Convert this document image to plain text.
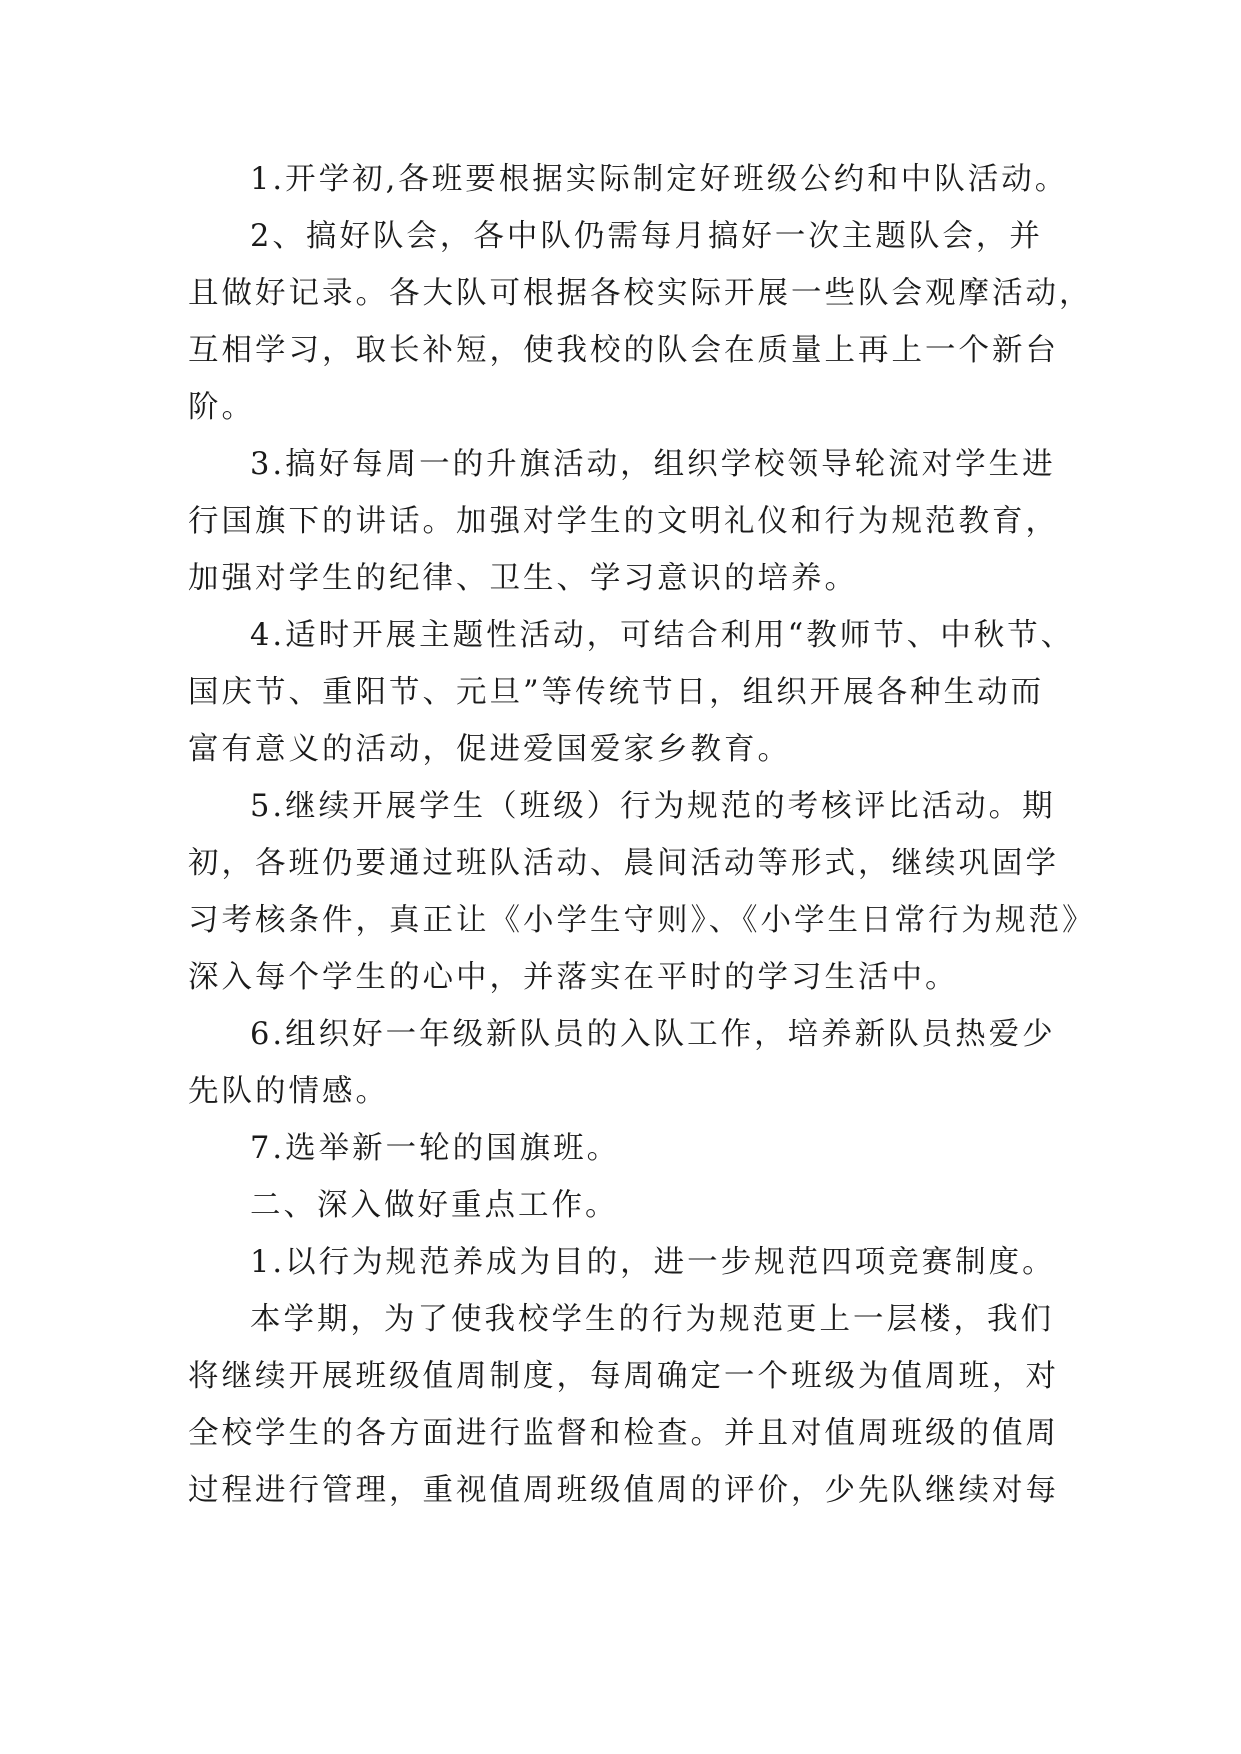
1.开学初,各班要根据实际制定好班级公约和中队活动。
2、搞好队会，各中队仍需每月搞好一次主题队会，并
且做好记录。各大队可根据各校实际开展一些队会观摩活动，
互相学习，取长补短，使我校的队会在质量上再上一个新台
阶。
3.搞好每周一的升旗活动，组织学校领导轮流对学生进
行国旗下的讲话。加强对学生的文明礼仪和行为规范教育，
加强对学生的纪律、卫生、学习意识的培养。
4.适时开展主题性活动，可结合利用“教师节、中秋节、
国庆节、重阳节、元旦”等传统节日，组织开展各种生动而
富有意义的活动，促进爱国爱家乡教育。
5.继续开展学生（班级）行为规范的考核评比活动。期
初，各班仍要通过班队活动、晨间活动等形式，继续巩固学
习考核条件，真正让《小学生守则》、《小学生日常行为规范》
深入每个学生的心中，并落实在平时的学习生活中。
6.组织好一年级新队员的入队工作，培养新队员热爱少
先队的情感。
7.选举新一轮的国旗班。
二、深入做好重点工作。
1.以行为规范养成为目的，进一步规范四项竞赛制度。
本学期，为了使我校学生的行为规范更上一层楼，我们
将继续开展班级值周制度，每周确定一个班级为值周班，对
全校学生的各方面进行监督和检查。并且对值周班级的值周
过程进行管理，重视值周班级值周的评价，少先队继续对每
